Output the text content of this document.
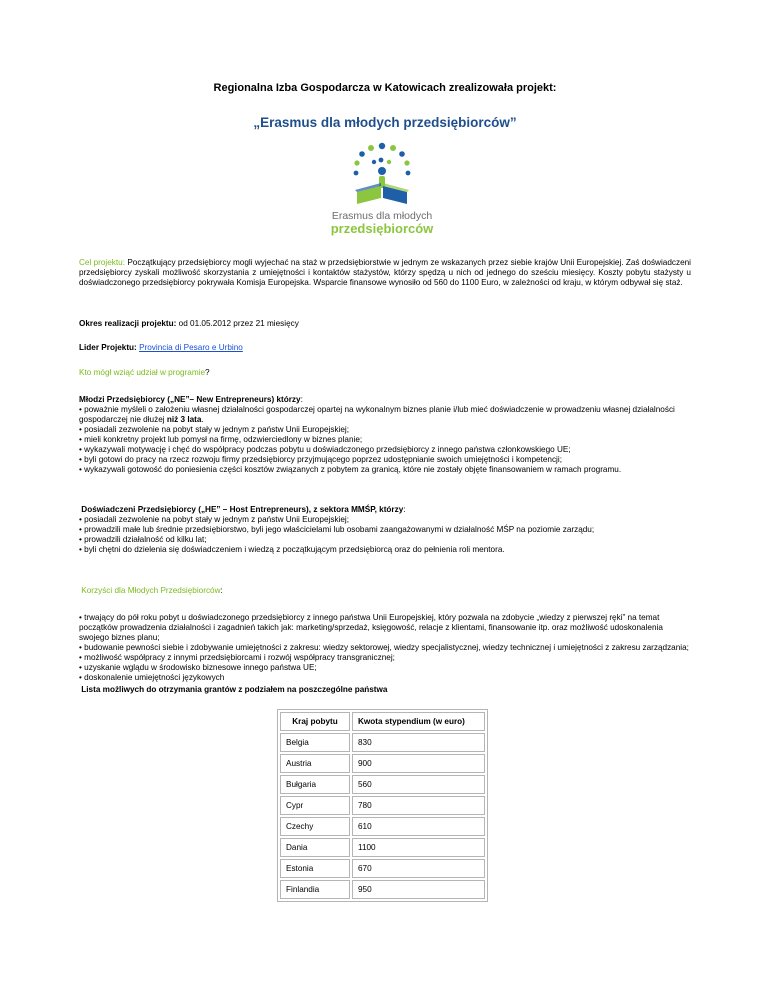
Regionalna Izba Gospodarcza w Katowicach zrealizowała projekt:
„Erasmus dla młodych przedsiębiorców”
Erasmus dla młodych
przedsiębiorców
Cel projektu: Początkujący przedsiębiorcy mogli wyjechać na staż w przedsiębiorstwie w jednym ze wskazanych przez siebie krajów Unii Europejskiej. Zaś doświadczeni przedsiębiorcy zyskali możliwość skorzystania z umiejętności i kontaktów stażystów, którzy spędzą u nich od jednego do sześciu miesięcy. Koszty pobytu stażysty u doświadczonego przedsiębiorcy pokrywała Komisja Europejska. Wsparcie finansowe wynosiło od 560 do 1100 Euro, w zależności od kraju, w którym odbywał się staż.
Okres realizacji projektu: od 01.05.2012 przez 21 miesięcy
Lider Projektu: Provincia di Pesaro e Urbino
Kto mógł wziąć udział w programie?
Młodzi Przedsiębiorcy („NE”– New Entrepreneurs) którzy:
• poważnie myśleli o założeniu własnej działalności gospodarczej opartej na wykonalnym biznes planie i/lub mieć doświadczenie w prowadzeniu własnej działalności gospodarczej nie dłużej niż 3 lata.
• posiadali zezwolenie na pobyt stały w jednym z państw Unii Europejskiej;
• mieli konkretny projekt lub pomysł na firmę, odzwierciedlony w biznes planie;
• wykazywali motywację i chęć do współpracy podczas pobytu u doświadczonego przedsiębiorcy z innego państwa członkowskiego UE;
• byli gotowi do pracy na rzecz rozwoju firmy przedsiębiorcy przyjmującego poprzez udostępnianie swoich umiejętności i kompetencji;
• wykazywali gotowość do poniesienia części kosztów związanych z pobytem za granicą, które nie zostały objęte finansowaniem w ramach programu.
Doświadczeni Przedsiębiorcy („HE” – Host Entrepreneurs), z sektora MMŚP, którzy:
• posiadali zezwolenie na pobyt stały w jednym z państw Unii Europejskiej;
• prowadzili małe lub średnie przedsiębiorstwo, byli jego właścicielami lub osobami zaangażowanymi w działalność MŚP na poziomie zarządu;
• prowadzili działalność od kilku lat;
• byli chętni do dzielenia się doświadczeniem i wiedzą z początkującym przedsiębiorcą oraz do pełnienia roli mentora.
Korzyści dla Młodych Przedsiębiorców:
• trwający do pół roku pobyt u doświadczonego przedsiębiorcy z innego państwa Unii Europejskiej, który pozwala na zdobycie „wiedzy z pierwszej ręki” na temat początków prowadzenia działalności i zagadnień takich jak: marketing/sprzedaż, księgowość, relacje z klientami, finansowanie itp. oraz możliwość udoskonalenia swojego biznes planu;
• budowanie pewności siebie i zdobywanie umiejętności z zakresu: wiedzy sektorowej, wiedzy specjalistycznej, wiedzy technicznej i umiejętności z zakresu zarządzania;
• możliwość współpracy z innymi przedsiębiorcami i rozwój współpracy transgranicznej;
• uzyskanie wglądu w środowisko biznesowe innego państwa UE;
• doskonalenie umiejętności językowych
Lista możliwych do otrzymania grantów z podziałem na poszczególne państwa
Kraj pobytu	Kwota stypendium (w euro)
Belgia	830
Austria	900
Bułgaria	560
Cypr	780
Czechy	610
Dania	1100
Estonia	670
Finlandia	950
